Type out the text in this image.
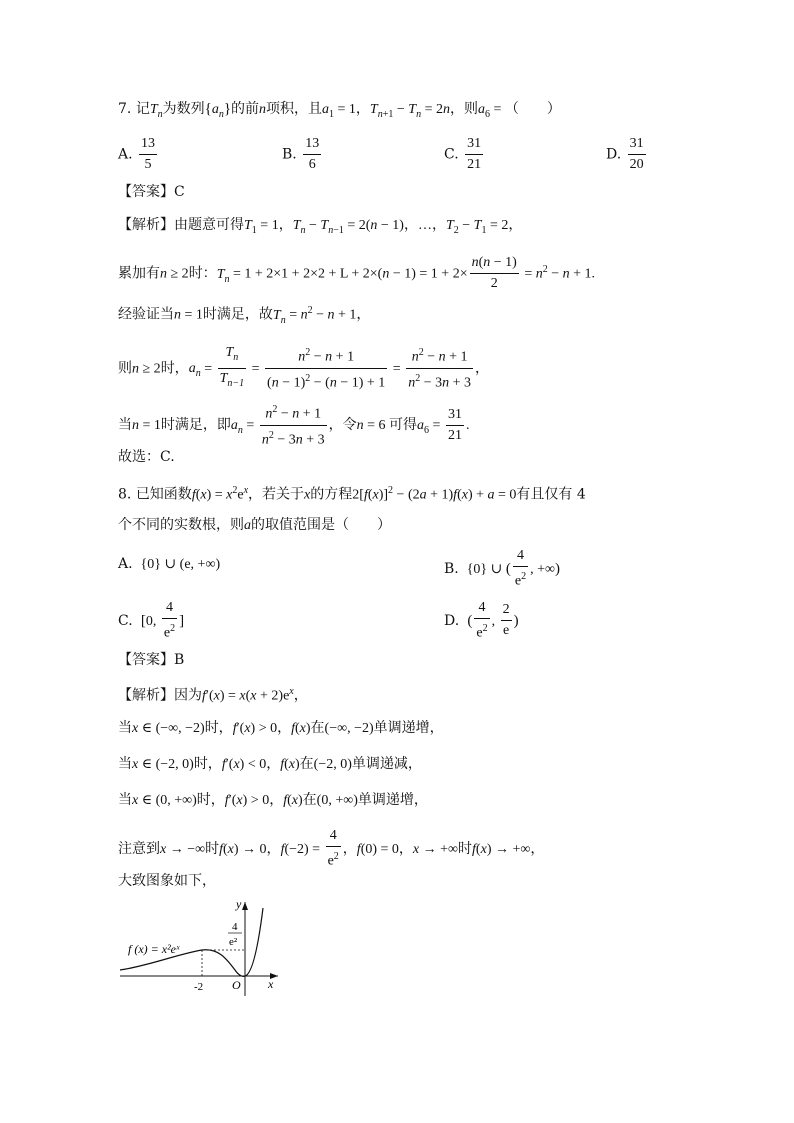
7. 记$T_n$为数列$\{a_n\}$的前n项积，且$a_1 = 1$，$T_{n+1} - T_n = 2n$，则$a_6$ = （　　）
A. $\frac{13}{5}$	B. $\frac{13}{6}$	C. $\frac{31}{21}$	D. $\frac{31}{20}$
【答案】C
【解析】由题意可得$T_1 = 1$，$T_n - T_{n-1} = 2(n - 1)$，…，$T_2 - T_1 = 2$，
累加有n ≥ 2时：$T_n = 1 + 2\times 1 + 2\times 2 + L + 2\times(n - 1) = 1 + 2\times \frac{n(n - 1)}{2} = n^2 - n + 1$.
经验证当n = 1时满足，故$T_n = n^2 - n + 1$，
则n ≥ 2时，$a_n = \frac{T_n}{T_{n-1}} = \frac{n^2 - n + 1}{(n - 1)^2 - (n - 1) + 1} = \frac{n^2 - n + 1}{n^2 - 3n + 3}$ ，
当n = 1时满足，即$a_n = \frac{n^2 - n + 1}{n^2 - 3n + 3}$ ，令n = 6 可得$a_6 = \frac{31}{21}$ .
故选：C.
8. 已知函数$f(x) = x^2e^x$，若关于x的方程$2[f(x)]^2 - (2a + 1)f(x) + a = 0$有且仅有 4
个不同的实数根，则a的取值范围是（　　）
A.  {0} ∪ (e, +∞)	B.  {0} ∪ ( $\frac{4}{e^2}$ , +∞)
C.  [0, $\frac{4}{e^2}$ ]	D.  ( $\frac{4}{e^2}$ , $\frac{2}{e}$ )
【答案】B
【解析】因为$f'(x) = x(x + 2)e^x$，
当x ∈ (−∞, −2)时，f′(x) > 0，f(x)在(−∞, −2)单调递增，
当x ∈ (−2, 0)时，f′(x) < 0，f(x)在(−2, 0)单调递减，
当x ∈ (0, +∞)时，f′(x) > 0，f(x)在(0, +∞)单调递增，
注意到x → −∞时f(x) → 0，$f(-2) = \frac{4}{e^2}$ ，f(0) = 0，x → +∞时f(x) → +∞，
大致图象如下，
f (x) = x²eˣ
y
x
O
-2
4
e²
